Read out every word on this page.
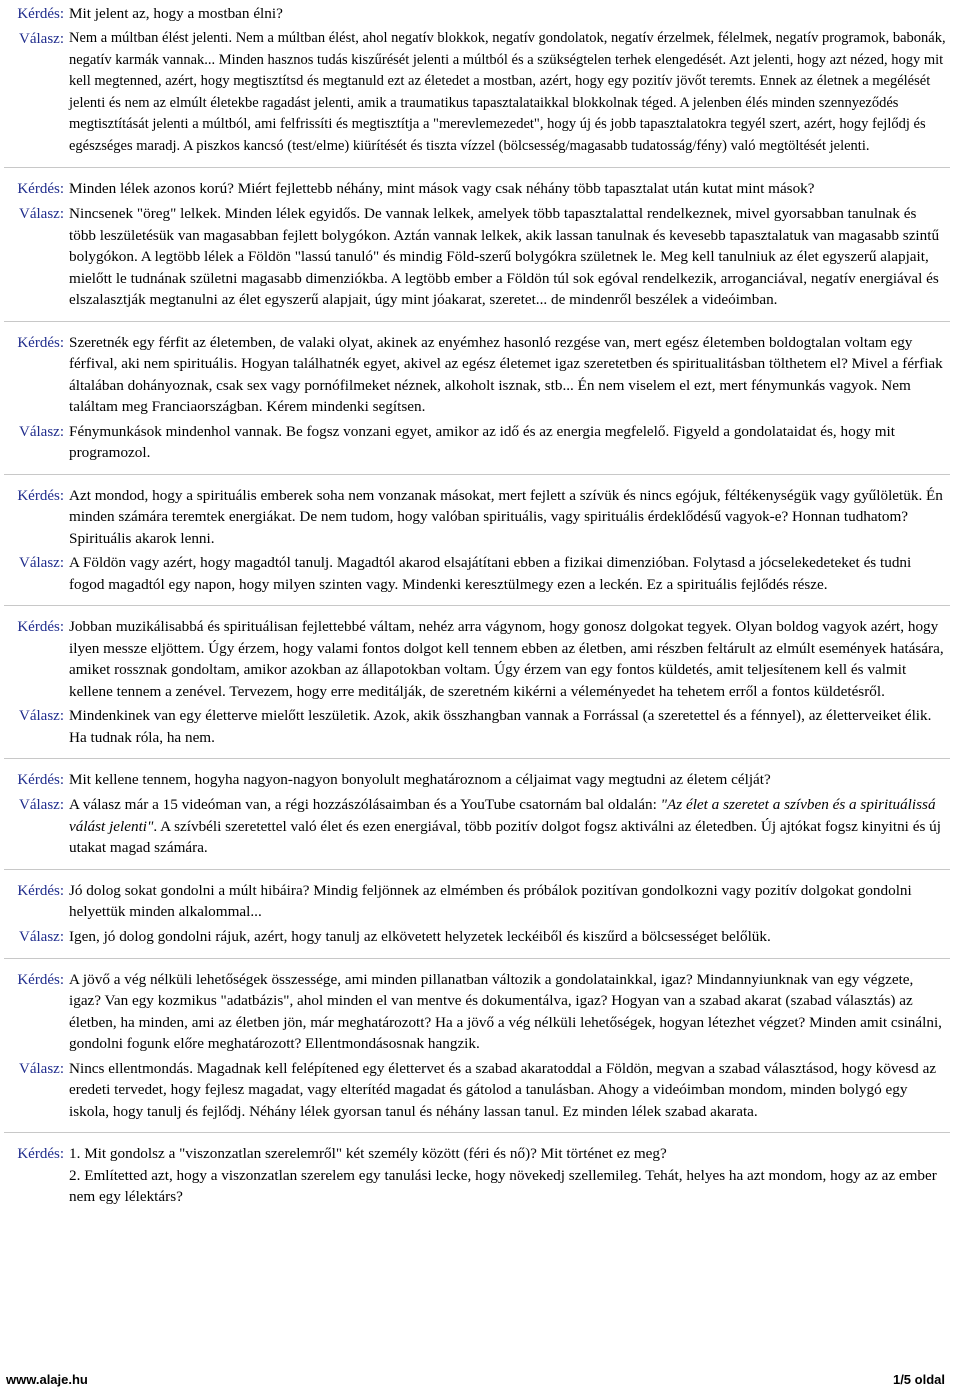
Kérdés: Mit jelent az, hogy a mostban élni?

Válasz: Nem a múltban élést jelenti. Nem a múltban élést, ahol negatív blokkok, negatív gondolatok, negatív érzelmek, félelmek, negatív programok, babonák, negatív karmák vannak... Minden hasznos tudás kiszűrését jelenti a múltból és a szükségtelen terhek elengedését. Azt jelenti, hogy azt nézed, hogy mit kell megtenned, azért, hogy megtisztítsd és megtanuld ezt az életedet a mostban, azért, hogy egy pozitív jövőt teremts. Ennek az életnek a megélését jelenti és nem az elmúlt életekbe ragadást jelenti, amik a traumatikus tapasztalataikkal blokkolnak téged. A jelenben élés minden szennyeződés megtisztítását jelenti a múltból, ami felfrissíti és megtisztítja a "merevlemezedet", hogy új és jobb tapasztalatokra tegyél szert, azért, hogy fejlődj és egészséges maradj. A piszkos kancsó (test/elme) kiürítését és tiszta vízzel (bölcsesség/magasabb tudatosság/fény) való megtöltését jelenti.

Kérdés: Minden lélek azonos korú? Miért fejlettebb néhány, mint mások vagy csak néhány több tapasztalat után kutat mint mások?

Válasz: Nincsenek "öreg" lelkek. Minden lélek egyidős. De vannak lelkek, amelyek több tapasztalattal rendelkeznek, mivel gyorsabban tanulnak és több leszületésük van magasabban fejlett bolygókon. Aztán vannak lelkek, akik lassan tanulnak és kevesebb tapasztalatuk van magasabb szintű bolygókon. A legtöbb lélek a Földön "lassú tanuló" és mindig Föld-szerű bolygókra születnek le. Meg kell tanulniuk az élet egyszerű alapjait, mielőtt le tudnának születni magasabb dimenziókba. A legtöbb ember a Földön túl sok egóval rendelkezik, arroganciával, negatív energiával és elszalasztják megtanulni az élet egyszerű alapjait, úgy mint jóakarat, szeretet... de mindenről beszélek a videóimban.

Kérdés: Szeretnék egy férfit az életemben, de valaki olyat, akinek az enyémhez hasonló rezgése van, mert egész életemben boldogtalan voltam egy férfival, aki nem spirituális. Hogyan találhatnék egyet, akivel az egész életemet igaz szeretetben és spiritualitásban tölthetem el? Mivel a férfiak általában dohányoznak, csak sex vagy pornófilmeket néznek, alkoholt isznak, stb... Én nem viselem el ezt, mert fénymunkás vagyok. Nem találtam meg Franciaországban. Kérem mindenki segítsen.

Válasz: Fénymunkások mindenhol vannak. Be fogsz vonzani egyet, amikor az idő és az energia megfelelő. Figyeld a gondolataidat és, hogy mit programozol.

Kérdés: Azt mondod, hogy a spirituális emberek soha nem vonzanak másokat, mert fejlett a szívük és nincs egójuk, féltékenységük vagy gyűlöletük. Én minden számára teremtek energiákat. De nem tudom, hogy valóban spirituális, vagy spirituális érdeklődésű vagyok-e? Honnan tudhatom? Spirituális akarok lenni.

Válasz: A Földön vagy azért, hogy magadtól tanulj. Magadtól akarod elsajátítani ebben a fizikai dimenzióban. Folytasd a jócselekedeteket és tudni fogod magadtól egy napon, hogy milyen szinten vagy. Mindenki keresztülmegy ezen a leckén. Ez a spirituális fejlődés része.

Kérdés: Jobban muzikálisabbá és spirituálisan fejlettebbé váltam, nehéz arra vágynom, hogy gonosz dolgokat tegyek. Olyan boldog vagyok azért, hogy ilyen messze eljöttem. Úgy érzem, hogy valami fontos dolgot kell tennem ebben az életben, ami részben feltárult az elmúlt események hatására, amiket rossznak gondoltam, amikor azokban az állapotokban voltam. Úgy érzem van egy fontos küldetés, amit teljesítenem kell és valmit kellene tennem a zenével. Tervezem, hogy erre meditálják, de szeretném kikérni a véleményedet ha tehetem erről a fontos küldetésről.

Válasz: Mindenkinek van egy életterve mielőtt leszületik. Azok, akik összhangban vannak a Forrással (a szeretettel és a fénnyel), az életterveiket élik. Ha tudnak róla, ha nem.

Kérdés: Mit kellene tennem, hogyha nagyon-nagyon bonyolult meghatároznom a céljaimat vagy megtudni az életem célját?

Válasz: A válasz már a 15 videóman van, a régi hozzászólásaimban és a YouTube csatornám bal oldalán: "Az élet a szeretet a szívben és a spirituálissá válást jelenti". A szívbéli szeretettel való élet és ezen energiával, több pozitív dolgot fogsz aktiválni az életedben. Új ajtókat fogsz kinyitni és új utakat magad számára.

Kérdés: Jó dolog sokat gondolni a múlt hibáira? Mindig feljönnek az elmémben és próbálok pozitívan gondolkozni vagy pozitív dolgokat gondolni helyettük minden alkalommal...

Válasz: Igen, jó dolog gondolni rájuk, azért, hogy tanulj az elkövetett helyzetek leckéiből és kiszűrd a bölcsességet belőlük.

Kérdés: A jövő a vég nélküli lehetőségek összessége, ami minden pillanatban változik a gondolatainkkal, igaz? Mindannyiunknak van egy végzete, igaz? Van egy kozmikus "adatbázis", ahol minden el van mentve és dokumentálva, igaz? Hogyan van a szabad akarat (szabad választás) az életben, ha minden, ami az életben jön, már meghatározott? Ha a jövő a vég nélküli lehetőségek, hogyan létezhet végzet? Minden amit csinálni, gondolni fogunk előre meghatározott? Ellentmondásosnak hangzik.

Válasz: Nincs ellentmondás. Magadnak kell felépítened egy élettervet és a szabad akaratoddal a Földön, megvan a szabad választásod, hogy kövesd az eredeti tervedet, hogy fejlesz magadat, vagy elterítéd magadat és gátolod a tanulásban. Ahogy a videóimban mondom, minden bolygó egy iskola, hogy tanulj és fejlődj. Néhány lélek gyorsan tanul és néhány lassan tanul. Ez minden lélek szabad akarata.

Kérdés: 1. Mit gondolsz a "viszonzatlan szerelemről" két személy között (féri és nő)? Mit történet ez meg?

2. Említetted azt, hogy a viszonzatlan szerelem egy tanulási lecke, hogy növekedj szellemileg. Tehát, helyes ha azt mondom, hogy az az ember nem egy lélektárs?

www.alaje.hu	1/5 oldal
